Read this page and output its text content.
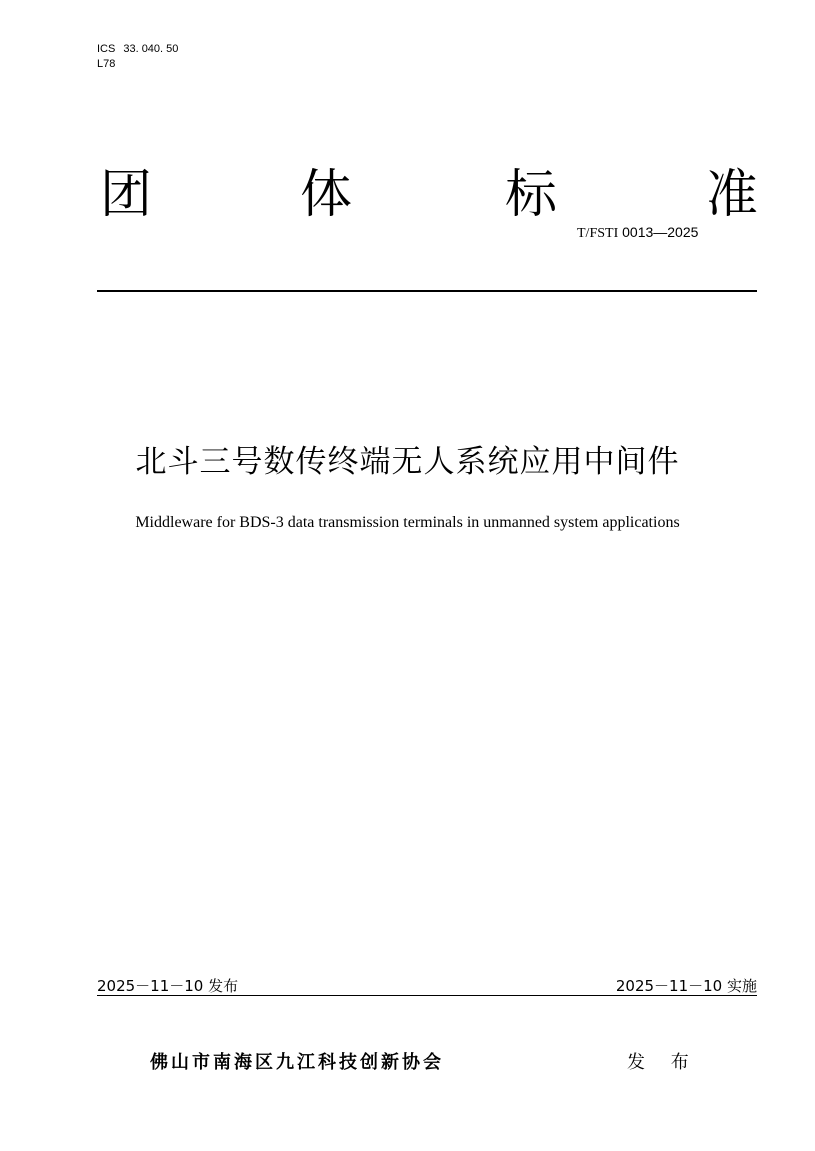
ICS 33. 040. 50
L78
团	体	标	准
T/FSTI 0013—2025
北斗三号数传终端无人系统应用中间件
Middleware for BDS-3 data transmission terminals in unmanned system applications
2025－11－10 发布	2025－11－10 实施
佛山市南海区九江科技创新协会	发 布
